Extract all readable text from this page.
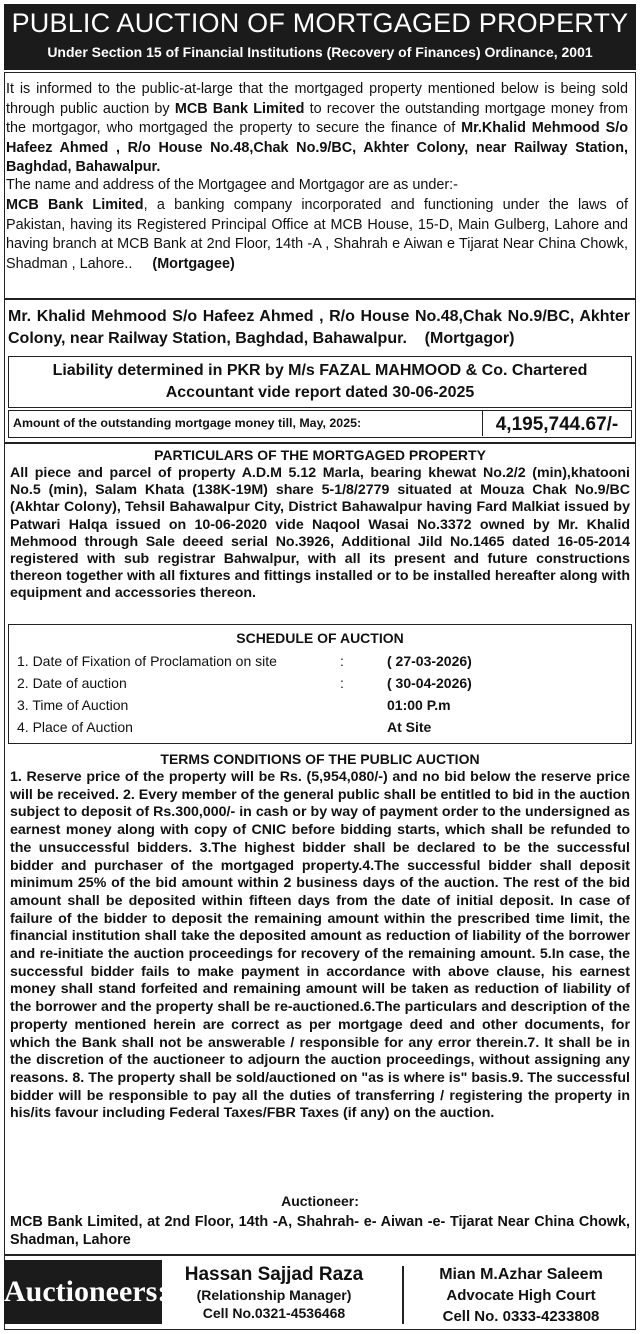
PUBLIC AUCTION OF MORTGAGED PROPERTY
Under Section 15 of Financial Institutions (Recovery of Finances) Ordinance, 2001
It is informed to the public-at-large that the mortgaged property mentioned below is being sold through public auction by MCB Bank Limited to recover the outstanding mortgage money from the mortgagor, who mortgaged the property to secure the finance of Mr.Khalid Mehmood S/o Hafeez Ahmed , R/o House No.48,Chak No.9/BC, Akhter Colony, near Railway Station, Baghdad, Bahawalpur.
The name and address of the Mortgagee and Mortgagor are as under:-
MCB Bank Limited, a banking company incorporated and functioning under the laws of Pakistan, having its Registered Principal Office at MCB House, 15-D, Main Gulberg, Lahore and having branch at MCB Bank at 2nd Floor, 14th -A , Shahrah e Aiwan e Tijarat Near China Chowk, Shadman , Lahore.. (Mortgagee)
Mr. Khalid Mehmood S/o Hafeez Ahmed , R/o House No.48,Chak No.9/BC, Akhter Colony, near Railway Station, Baghdad, Bahawalpur. (Mortgagor)
Liability determined in PKR by M/s FAZAL MAHMOOD & Co. Chartered
Accountant vide report dated 30-06-2025
Amount of the outstanding mortgage money till, May, 2025:	4,195,744.67/-
PARTICULARS OF THE MORTGAGED PROPERTY
All piece and parcel of property A.D.M 5.12 Marla, bearing khewat No.2/2 (min),khatooni No.5 (min), Salam Khata (138K-19M) share 5-1/8/2779 situated at Mouza Chak No.9/BC (Akhtar Colony), Tehsil Bahawalpur City, District Bahawalpur having Fard Malkiat issued by Patwari Halqa issued on 10-06-2020 vide Naqool Wasai No.3372 owned by Mr. Khalid Mehmood through Sale deeed serial No.3926, Additional Jild No.1465 dated 16-05-2014 registered with sub registrar Bahwalpur, with all its present and future constructions thereon together with all fixtures and fittings installed or to be installed hereafter along with equipment and accessories thereon.
SCHEDULE OF AUCTION
1. Date of Fixation of Proclamation on site	:	( 27-03-2026)
2. Date of auction	:	( 30-04-2026)
3. Time of Auction	01:00 P.m
4. Place of Auction	At Site
TERMS CONDITIONS OF THE PUBLIC AUCTION
1. Reserve price of the property will be Rs. (5,954,080/-) and no bid below the reserve price will be received. 2. Every member of the general public shall be entitled to bid in the auction subject to deposit of Rs.300,000/- in cash or by way of payment order to the undersigned as earnest money along with copy of CNIC before bidding starts, which shall be refunded to the unsuccessful bidders. 3.The highest bidder shall be declared to be the successful bidder and purchaser of the mortgaged property.4.The successful bidder shall deposit minimum 25% of the bid amount within 2 business days of the auction. The rest of the bid amount shall be deposited within fifteen days from the date of initial deposit. In case of failure of the bidder to deposit the remaining amount within the prescribed time limit, the financial institution shall take the deposited amount as reduction of liability of the borrower and re-initiate the auction proceedings for recovery of the remaining amount. 5.In case, the successful bidder fails to make payment in accordance with above clause, his earnest money shall stand forfeited and remaining amount will be taken as reduction of liability of the borrower and the property shall be re-auctioned.6.The particulars and description of the property mentioned herein are correct as per mortgage deed and other documents, for which the Bank shall not be answerable / responsible for any error therein.7. It shall be in the discretion of the auctioneer to adjourn the auction proceedings, without assigning any reasons. 8. The property shall be sold/auctioned on "as is where is" basis.9. The successful bidder will be responsible to pay all the duties of transferring / registering the property in his/its favour including Federal Taxes/FBR Taxes (if any) on the auction.
Auctioneer:
MCB Bank Limited, at 2nd Floor, 14th -A, Shahrah- e- Aiwan -e- Tijarat Near China Chowk, Shadman, Lahore
Auctioneers:
Hassan Sajjad Raza
(Relationship Manager)
Cell No.0321-4536468
Mian M.Azhar Saleem
Advocate High Court
Cell No. 0333-4233808
